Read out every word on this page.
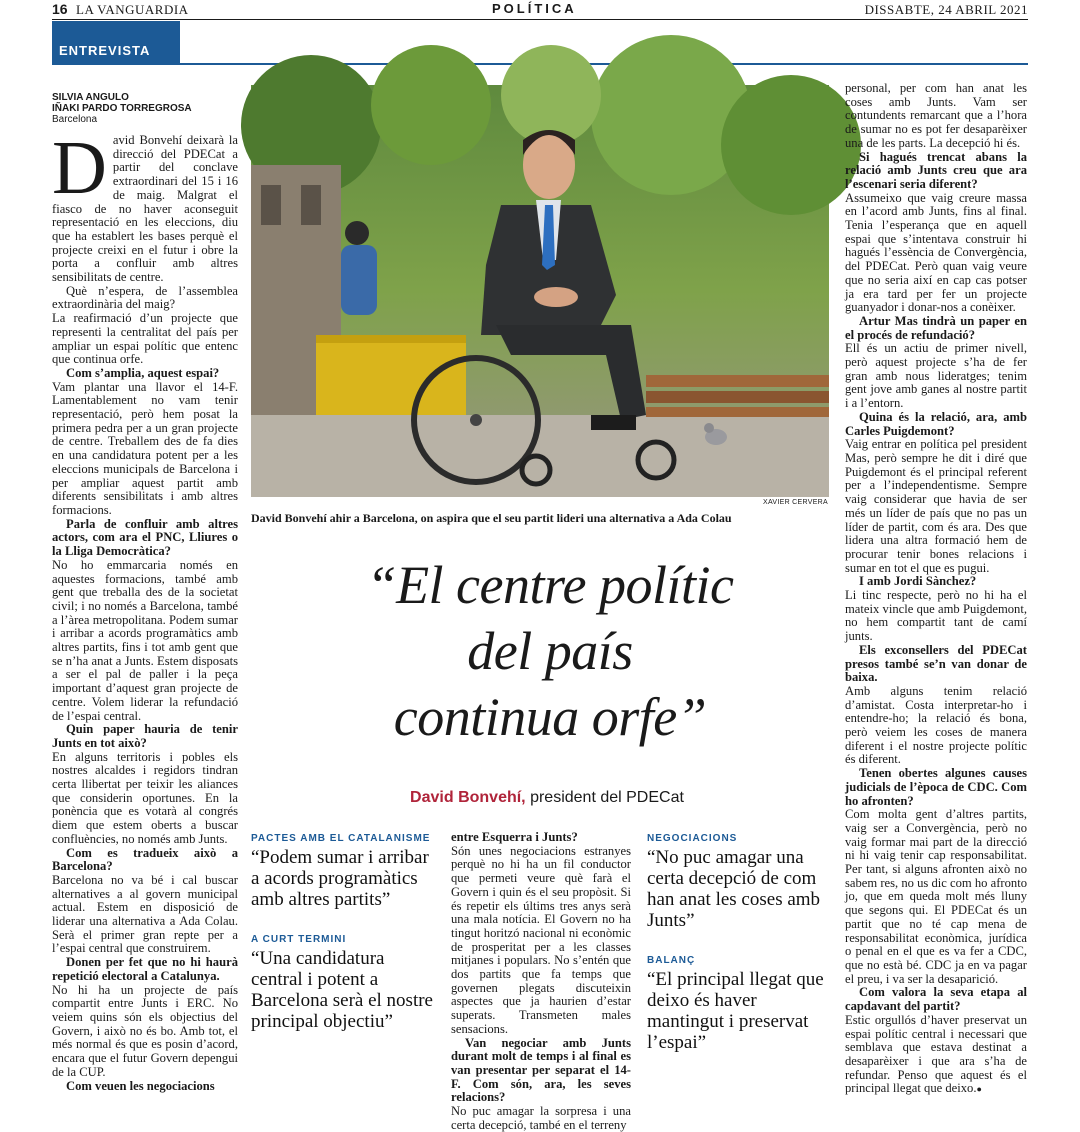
16 LA VANGUARDIA	POLÍTICA	DISSABTE, 24 ABRIL 2021
ENTREVISTA
SILVIA ANGULO
IÑAKI PARDO TORREGROSA
Barcelona

David Bonvehí deixarà la direcció del PDECat a partir del conclave extraordinari del 15 i 16 de maig. Malgrat el fiasco de no haver aconseguit representació en les eleccions, diu que ha establert les bases perquè el projecte creixi en el futur i obre la porta a confluir amb altres sensibilitats de centre.

Què n’espera, de l’assemblea extraordinària del maig?

La reafirmació d’un projecte que representi la centralitat del país per ampliar un espai polític que entenc que continua orfe.

Com s’amplia, aquest espai?

Vam plantar una llavor el 14-F. Lamentablement no vam tenir representació, però hem posat la primera pedra per a un gran projecte de centre. Treballem des de fa dies en una candidatura potent per a les eleccions municipals de Barcelona i per ampliar aquest partit amb diferents sensibilitats i amb altres formacions.

Parla de confluir amb altres actors, com ara el PNC, Lliures o la Lliga Democràtica?

No ho emmarcaria només en aquestes formacions, també amb gent que treballa des de la societat civil; i no només a Barcelona, també a l’àrea metropolitana. Podem sumar i arribar a acords programàtics amb altres partits, fins i tot amb gent que se n’ha anat a Junts. Estem disposats a ser el pal de paller i la peça important d’aquest gran projecte de centre. Volem liderar la refundació de l’espai central.

Quin paper hauria de tenir Junts en tot això?

En alguns territoris i pobles els nostres alcaldes i regidors tindran certa llibertat per teixir les aliances que considerin oportunes. En la ponència que es votarà al congrés diem que estem oberts a buscar confluències, no només amb Junts.

Com es tradueix això a Barcelona?

Barcelona no va bé i cal buscar alternatives a al govern municipal actual. Estem en disposició de liderar una alternativa a Ada Colau. Serà el primer gran repte per a l’espai central que construirem.

Donen per fet que no hi haurà repetició electoral a Catalunya.

No hi ha un projecte de país compartit entre Junts i ERC. No veiem quins són els objectius del Govern, i això no és bo. Amb tot, el més normal és que es posin d’acord, encara que el futur Govern depengui de la CUP.

Com veuen les negociacions

XAVIER CERVERA
David Bonvehí ahir a Barcelona, on aspira que el seu partit lideri una alternativa a Ada Colau
“El centre polític
del país
continua orfe”
David Bonvehí, president del PDECat
PACTES AMB EL CATALANISME
“Podem sumar i arribar a acords programàtics amb altres partits”
A CURT TERMINI
“Una candidatura central i potent a Barcelona serà el nostre principal objectiu”

entre Esquerra i Junts?

Són unes negociacions estranyes perquè no hi ha un fil conductor que permeti veure què farà el Govern i quin és el seu propòsit. Si és repetir els últims tres anys serà una mala notícia. El Govern no ha tingut horitzó nacional ni econòmic de prosperitat per a les classes mitjanes i populars. No s’entén que dos partits que fa temps que governen plegats discuteixin aspectes que ja haurien d’estar superats. Transmeten males sensacions.

Van negociar amb Junts durant molt de temps i al final es van presentar per separat el 14-F. Com són, ara, les seves relacions?

No puc amagar la sorpresa i una certa decepció, també en el terreny

NEGOCIACIONS
“No puc amagar una certa decepció de com han anat les coses amb Junts”
BALANÇ
“El principal llegat que deixo és haver mantingut i preservat l’espai”

personal, per com han anat les coses amb Junts. Vam ser contundents remarcant que a l’hora de sumar no es pot fer desaparèixer una de les parts. La decepció hi és.

Si hagués trencat abans la relació amb Junts creu que ara l’escenari seria diferent?

Assumeixo que vaig creure massa en l’acord amb Junts, fins al final. Tenia l’esperança que en aquell espai que s’intentava construir hi hagués l’essència de Convergència, del PDECat. Però quan vaig veure que no seria així en cap cas potser ja era tard per fer un projecte guanyador i donar-nos a conèixer.

Artur Mas tindrà un paper en el procés de refundació?

Ell és un actiu de primer nivell, però aquest projecte s’ha de fer gran amb nous lideratges; tenim gent jove amb ganes al nostre partit i a l’entorn.

Quina és la relació, ara, amb Carles Puigdemont?

Vaig entrar en política pel president Mas, però sempre he dit i diré que Puigdemont és el principal referent per a l’independentisme. Sempre vaig considerar que havia de ser més un líder de país que no pas un líder de partit, com és ara. Des que lidera una altra formació hem de procurar tenir bones relacions i sumar en tot el que es pugui.

I amb Jordi Sànchez?

Li tinc respecte, però no hi ha el mateix vincle que amb Puigdemont, no hem compartit tant de camí junts.

Els exconsellers del PDECat presos també se’n van donar de baixa.

Amb alguns tenim relació d’amistat. Costa interpretar-ho i entendre-ho; la relació és bona, però veiem les coses de manera diferent i el nostre projecte polític és diferent.

Tenen obertes algunes causes judicials de l’època de CDC. Com ho afronten?

Com molta gent d’altres partits, vaig ser a Convergència, però no vaig formar mai part de la direcció ni hi vaig tenir cap responsabilitat. Per tant, si alguns afronten això no sabem res, no us dic com ho afronto jo, que em queda molt més lluny que segons qui. El PDECat és un partit que no té cap mena de responsabilitat econòmica, jurídica o penal en el que es va fer a CDC, que no està bé. CDC ja en va pagar el preu, i va ser la desaparició.

Com valora la seva etapa al capdavant del partit?

Estic orgullós d’haver preservat un espai polític central i necessari que semblava que estava destinat a desaparèixer i que ara s’ha de refundar. Penso que aquest és el principal llegat que deixo.●
